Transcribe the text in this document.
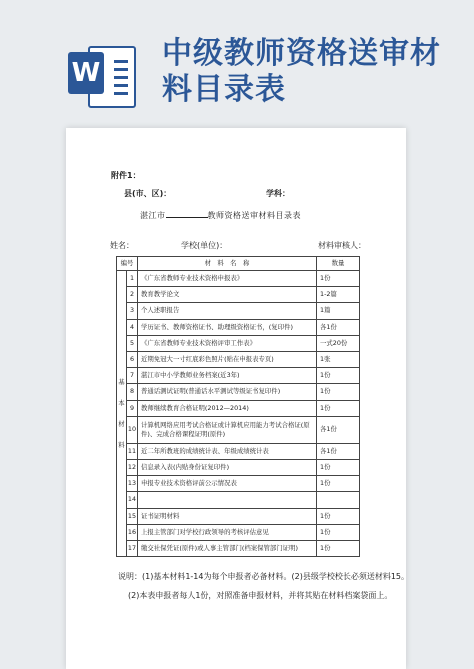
W
中级教师资格送审材料目录表
附件1：
县(市、区)：	学科：
湛江市	教师资格送审材料目录表
姓名：	学校(单位)：	材料审核人：
编号		材　料　名　称	数量

基
本
材
料	1	《广东省教师专业技术资格申报表》	1份
	2	教育教学论文	1-2篇
	3	个人述职报告	1篇
	4	学历证书、教师资格证书、助理级资格证书，(复印件)	各1份
	5	《广东省教师专业技术资格评审工作表》	一式20份
	6	近期免冠大一寸红底彩色照片(贴在申报表专页)	1张
	7	湛江市中小学教师业务档案(近3年)	1份
	8	普通话测试证明(普通话水平测试等级证书复印件)	1份
	9	教师继续教育合格证明(2012—2014)	1份
	10	计算机网络应用考试合格证或计算机应用能力考试合格证(原件)、完成合格课程证明(原件)	各1份
	11	近二年所教班的成绩统计表、年级成绩统计表	各1份
	12	信息录入表(内贴身份证复印件)	1份
	13	申报专业技术资格评前公示情况表	1份
	14		
	15	证书证明材料	1份
	16	上报主管部门对学校行政领导的考核评估意见	1份
	17	缴交社保凭证(原件)或人事主管部门(档案保管部门证明)	1份
说明：(1)基本材料1-14为每个申报者必备材料。(2)县级学校校长必须送材料15。
(2)本表申报者每人1份，对照准备申报材料，并将其贴在材料档案袋面上。
